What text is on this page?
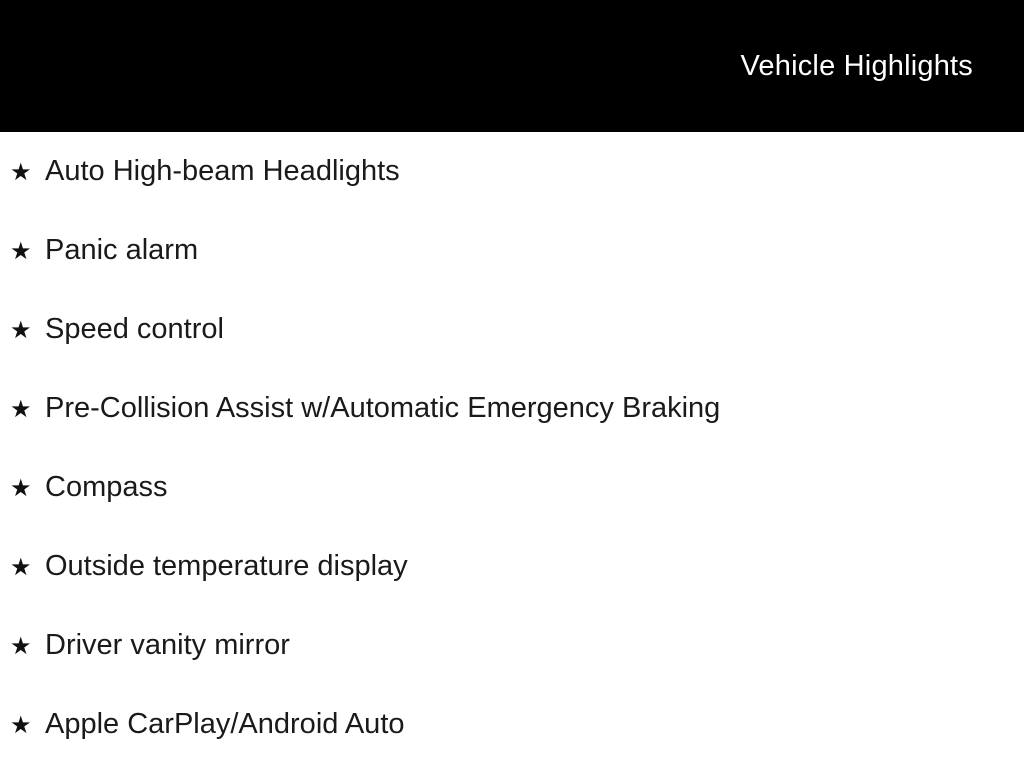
Vehicle Highlights
★ Auto High-beam Headlights
★ Panic alarm
★ Speed control
★ Pre-Collision Assist w/Automatic Emergency Braking
★ Compass
★ Outside temperature display
★ Driver vanity mirror
★ Apple CarPlay/Android Auto
